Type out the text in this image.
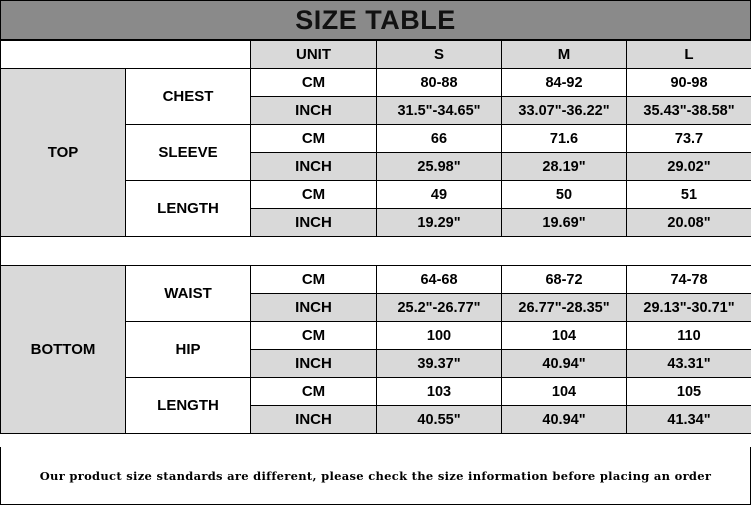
SIZE TABLE
		UNIT	S	M	L
TOP	CHEST	CM	80-88	84-92	90-98
		INCH	31.5"-34.65"	33.07"-36.22"	35.43"-38.58"
	SLEEVE	CM	66	71.6	73.7
		INCH	25.98"	28.19"	29.02"
	LENGTH	CM	49	50	51
		INCH	19.29"	19.69"	20.08"

BOTTOM	WAIST	CM	64-68	68-72	74-78
		INCH	25.2"-26.77"	26.77"-28.35"	29.13"-30.71"
	HIP	CM	100	104	110
		INCH	39.37"	40.94"	43.31"
	LENGTH	CM	103	104	105
		INCH	40.55"	40.94"	41.34"
Our product size standards are different, please check the size information before placing an order
